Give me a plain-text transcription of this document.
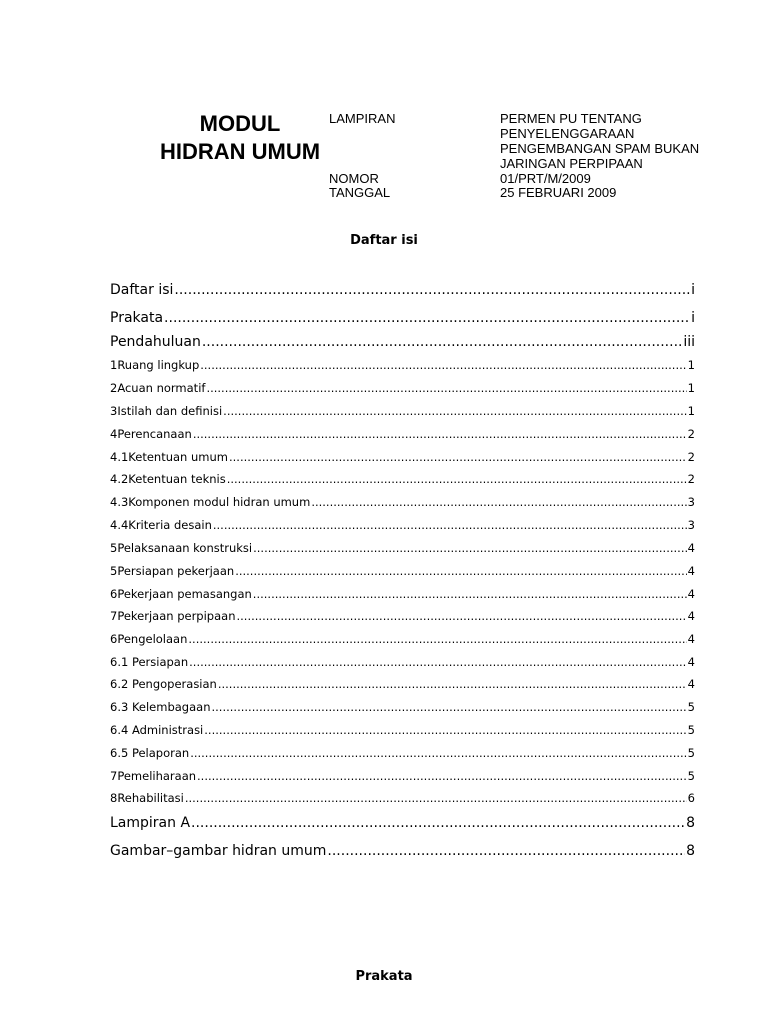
MODUL
HIDRAN UMUM
LAMPIRAN	PERMEN PU TENTANG
PENYELENGGARAAN
PENGEMBANGAN SPAM BUKAN
JARINGAN PERPIPAAN
NOMOR	01/PRT/M/2009
TANGGAL	25 FEBRUARI 2009
Daftar isi
Daftar isi .....	i
Prakata .....	i
Pendahuluan .....	iii
1Ruang lingkup .....	1
2Acuan normatif .....	1
3Istilah dan definisi .....	1
4Perencanaan .....	2
4.1Ketentuan umum .....	2
4.2Ketentuan teknis .....	2
4.3Komponen modul hidran umum .....	3
4.4Kriteria desain .....	3
5Pelaksanaan konstruksi .....	4
5Persiapan pekerjaan .....	4
6Pekerjaan pemasangan .....	4
7Pekerjaan perpipaan .....	4
6Pengelolaan .....	4
6.1 Persiapan .....	4
6.2 Pengoperasian .....	4
6.3 Kelembagaan .....	5
6.4 Administrasi .....	5
6.5 Pelaporan .....	5
7Pemeliharaan .....	5
8Rehabilitasi .....	6
Lampiran A .....	8
Gambar–gambar hidran umum .....	8
Prakata
